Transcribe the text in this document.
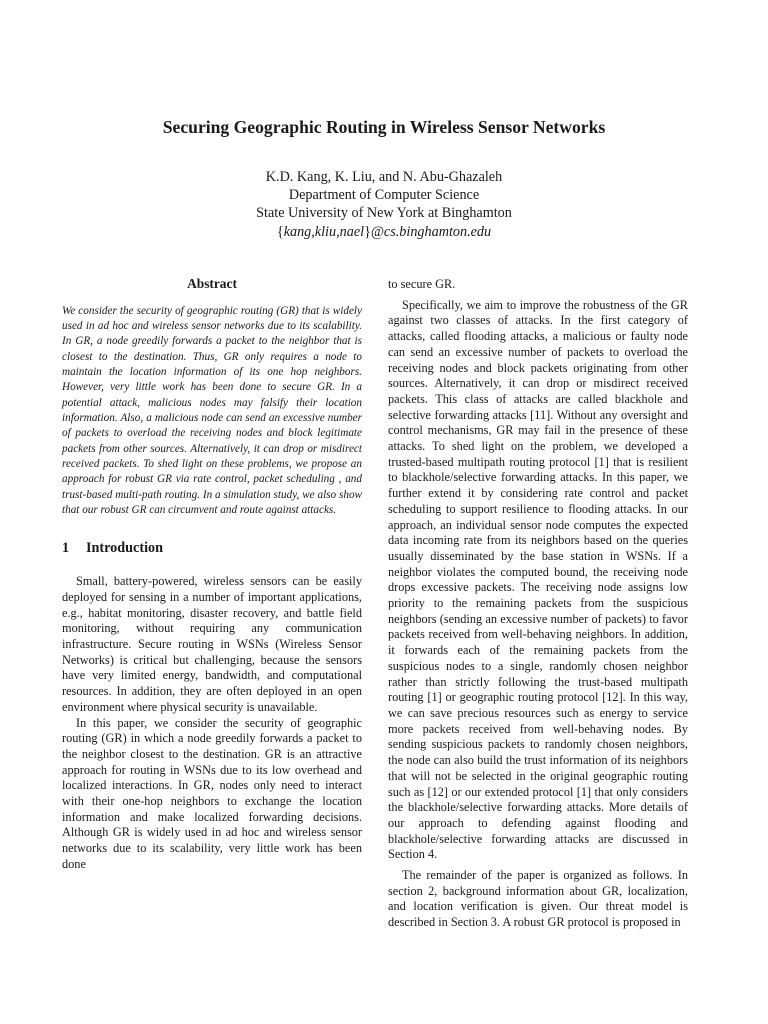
Securing Geographic Routing in Wireless Sensor Networks
K.D. Kang, K. Liu, and N. Abu-Ghazaleh
Department of Computer Science
State University of New York at Binghamton
{kang,kliu,nael}@cs.binghamton.edu
Abstract

We consider the security of geographic routing (GR) that is widely used in ad hoc and wireless sensor networks due to its scalability. In GR, a node greedily forwards a packet to the neighbor that is closest to the destination. Thus, GR only requires a node to maintain the location information of its one hop neighbors. However, very little work has been done to secure GR. In a potential attack, malicious nodes may falsify their location information. Also, a malicious node can send an excessive number of packets to overload the receiving nodes and block legitimate packets from other sources. Alternatively, it can drop or misdirect received packets. To shed light on these problems, we propose an approach for robust GR via rate control, packet scheduling , and trust-based multi-path routing. In a simulation study, we also show that our robust GR can circumvent and route against attacks.

1 Introduction

Small, battery-powered, wireless sensors can be easily deployed for sensing in a number of important applications, e.g., habitat monitoring, disaster recovery, and battle field monitoring, without requiring any communication infrastructure. Secure routing in WSNs (Wireless Sensor Networks) is critical but challenging, because the sensors have very limited energy, bandwidth, and computational resources. In addition, they are often deployed in an open environment where physical security is unavailable.

In this paper, we consider the security of geographic routing (GR) in which a node greedily forwards a packet to the neighbor closest to the destination. GR is an attractive approach for routing in WSNs due to its low overhead and localized interactions. In GR, nodes only need to interact with their one-hop neighbors to exchange the location information and make localized forwarding decisions. Although GR is widely used in ad hoc and wireless sensor networks due to its scalability, very little work has been done

to secure GR.

Specifically, we aim to improve the robustness of the GR against two classes of attacks. In the first category of attacks, called flooding attacks, a malicious or faulty node can send an excessive number of packets to overload the receiving nodes and block packets originating from other sources. Alternatively, it can drop or misdirect received packets. This class of attacks are called blackhole and selective forwarding attacks [11]. Without any oversight and control mechanisms, GR may fail in the presence of these attacks. To shed light on the problem, we developed a trusted-based multipath routing protocol [1] that is resilient to blackhole/selective forwarding attacks. In this paper, we further extend it by considering rate control and packet scheduling to support resilience to flooding attacks. In our approach, an individual sensor node computes the expected data incoming rate from its neighbors based on the queries usually disseminated by the base station in WSNs. If a neighbor violates the computed bound, the receiving node drops excessive packets. The receiving node assigns low priority to the remaining packets from the suspicious neighbors (sending an excessive number of packets) to favor packets received from well-behaving neighbors. In addition, it forwards each of the remaining packets from the suspicious nodes to a single, randomly chosen neighbor rather than strictly following the trust-based multipath routing [1] or geographic routing protocol [12]. In this way, we can save precious resources such as energy to service more packets received from well-behaving nodes. By sending suspicious packets to randomly chosen neighbors, the node can also build the trust information of its neighbors that will not be selected in the original geographic routing such as [12] or our extended protocol [1] that only considers the blackhole/selective forwarding attacks. More details of our approach to defending against flooding and blackhole/selective forwarding attacks are discussed in Section 4.

The remainder of the paper is organized as follows. In section 2, background information about GR, localization, and location verification is given. Our threat model is described in Section 3. A robust GR protocol is proposed in
